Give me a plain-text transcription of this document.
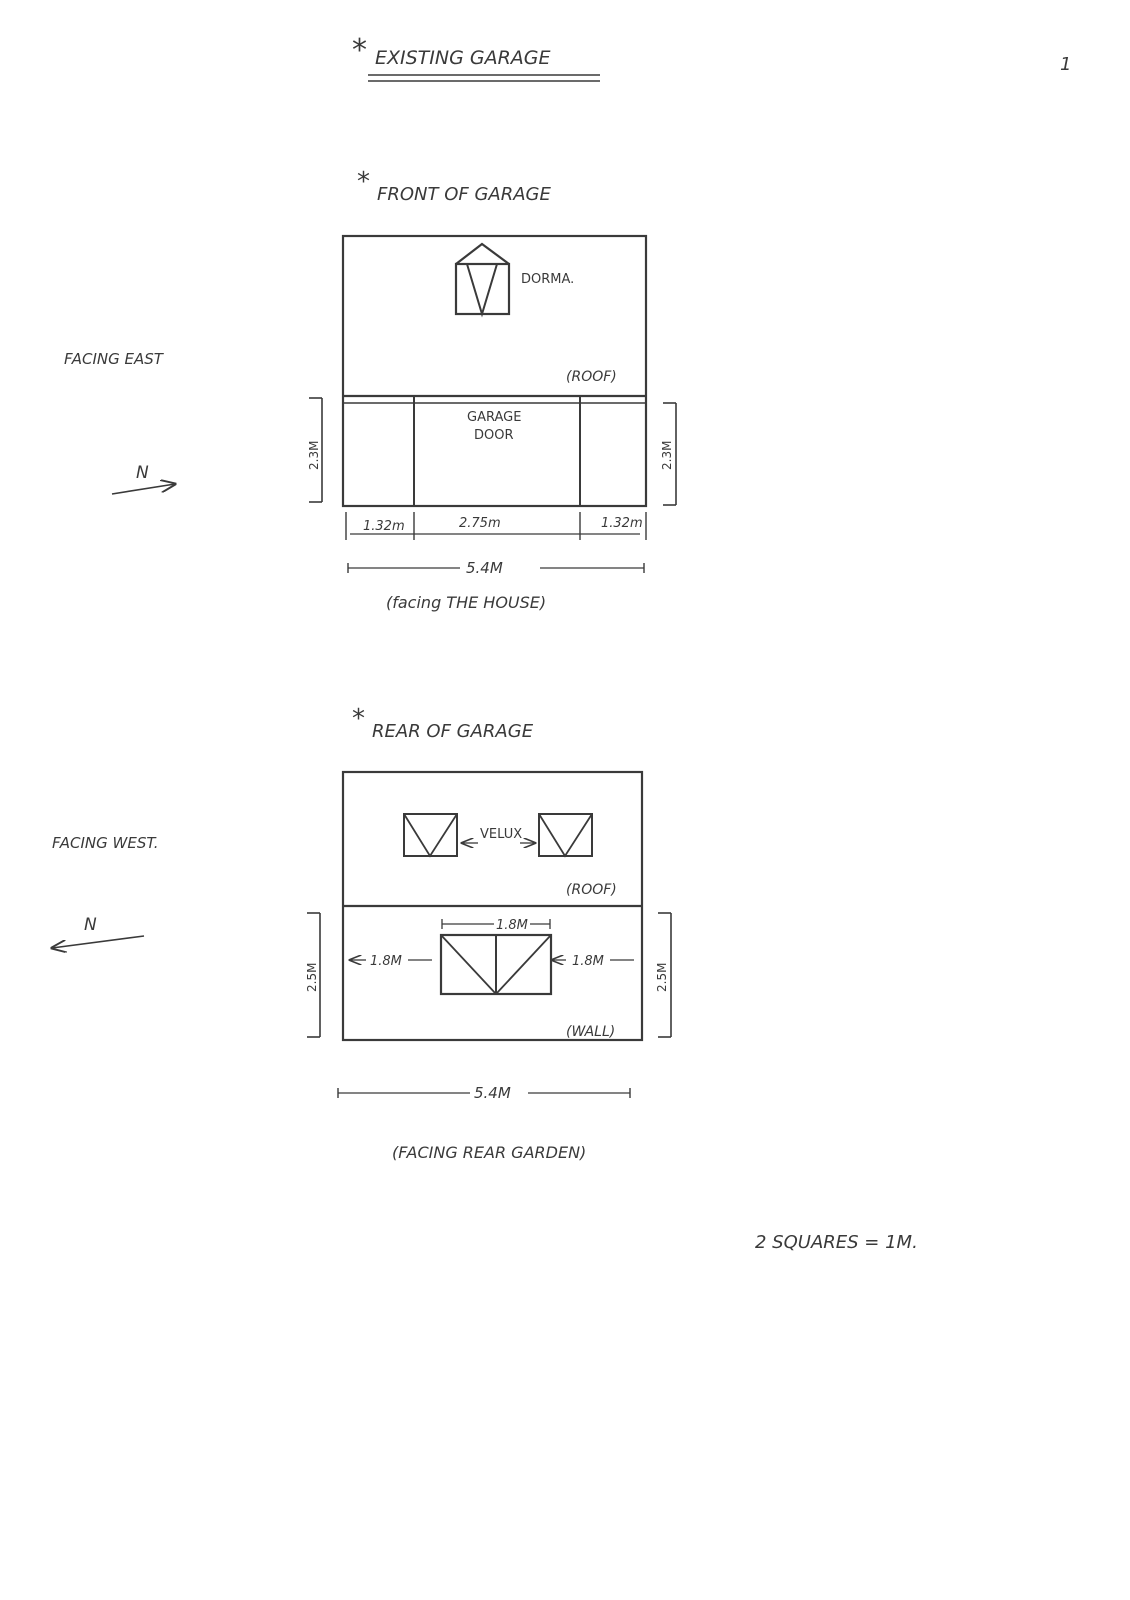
* EXISTING GARAGE	1
* FRONT OF GARAGE
DORMA.
(ROOF)
GARAGE
DOOR
2.3M	2.3M
1.32m	2.75m	1.32m
5.4M
(facing THE HOUSE)
FACING EAST
N
* REAR OF GARAGE
VELUX
(ROOF)
1.8M
1.8M	1.8M
(WALL)
2.5M	2.5M
5.4M
(FACING REAR GARDEN)
FACING WEST.
N
2 SQUARES = 1M.
